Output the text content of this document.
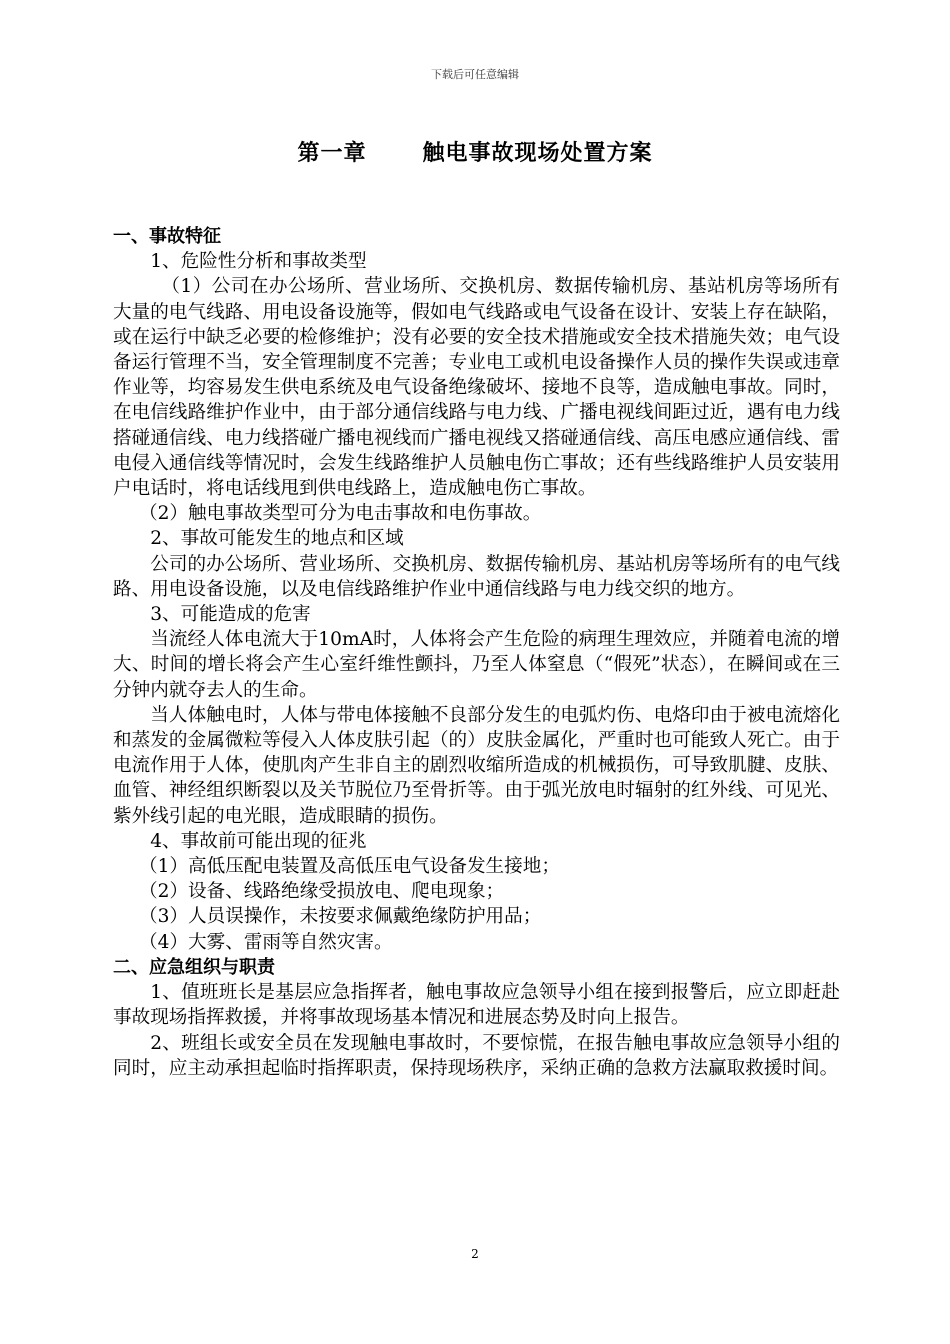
下载后可任意编辑
第一章	触电事故现场处置方案

一、事故特征

1、危险性分析和事故类型

（1）公司在办公场所、营业场所、交换机房、数据传输机房、基站机房等场所有大量的电气线路、用电设备设施等，假如电气线路或电气设备在设计、安装上存在缺陷，或在运行中缺乏必要的检修维护；没有必要的安全技术措施或安全技术措施失效；电气设备运行管理不当，安全管理制度不完善；专业电工或机电设备操作人员的操作失误或违章作业等，均容易发生供电系统及电气设备绝缘破坏、接地不良等，造成触电事故。同时，在电信线路维护作业中，由于部分通信线路与电力线、广播电视线间距过近，遇有电力线搭碰通信线、电力线搭碰广播电视线而广播电视线又搭碰通信线、高压电感应通信线、雷电侵入通信线等情况时，会发生线路维护人员触电伤亡事故；还有些线路维护人员安装用户电话时，将电话线甩到供电线路上，造成触电伤亡事故。

（2）触电事故类型可分为电击事故和电伤事故。

2、事故可能发生的地点和区域

公司的办公场所、营业场所、交换机房、数据传输机房、基站机房等场所有的电气线路、用电设备设施，以及电信线路维护作业中通信线路与电力线交织的地方。

3、可能造成的危害

当流经人体电流大于10mA时，人体将会产生危险的病理生理效应，并随着电流的增大、时间的增长将会产生心室纤维性颤抖，乃至人体窒息（“假死”状态），在瞬间或在三分钟内就夺去人的生命。

当人体触电时，人体与带电体接触不良部分发生的电弧灼伤、电烙印由于被电流熔化和蒸发的金属微粒等侵入人体皮肤引起（的）皮肤金属化，严重时也可能致人死亡。由于电流作用于人体，使肌肉产生非自主的剧烈收缩所造成的机械损伤，可导致肌腱、皮肤、血管、神经组织断裂以及关节脱位乃至骨折等。由于弧光放电时辐射的红外线、可见光、紫外线引起的电光眼，造成眼睛的损伤。

4、事故前可能出现的征兆

（1）高低压配电装置及高低压电气设备发生接地；

（2）设备、线路绝缘受损放电、爬电现象；

（3）人员误操作，未按要求佩戴绝缘防护用品；

（4）大雾、雷雨等自然灾害。

二、应急组织与职责

1、值班班长是基层应急指挥者，触电事故应急领导小组在接到报警后，应立即赶赴事故现场指挥救援，并将事故现场基本情况和进展态势及时向上报告。

2、班组长或安全员在发现触电事故时，不要惊慌，在报告触电事故应急领导小组的同时，应主动承担起临时指挥职责，保持现场秩序，采纳正确的急救方法赢取救援时间。

2
